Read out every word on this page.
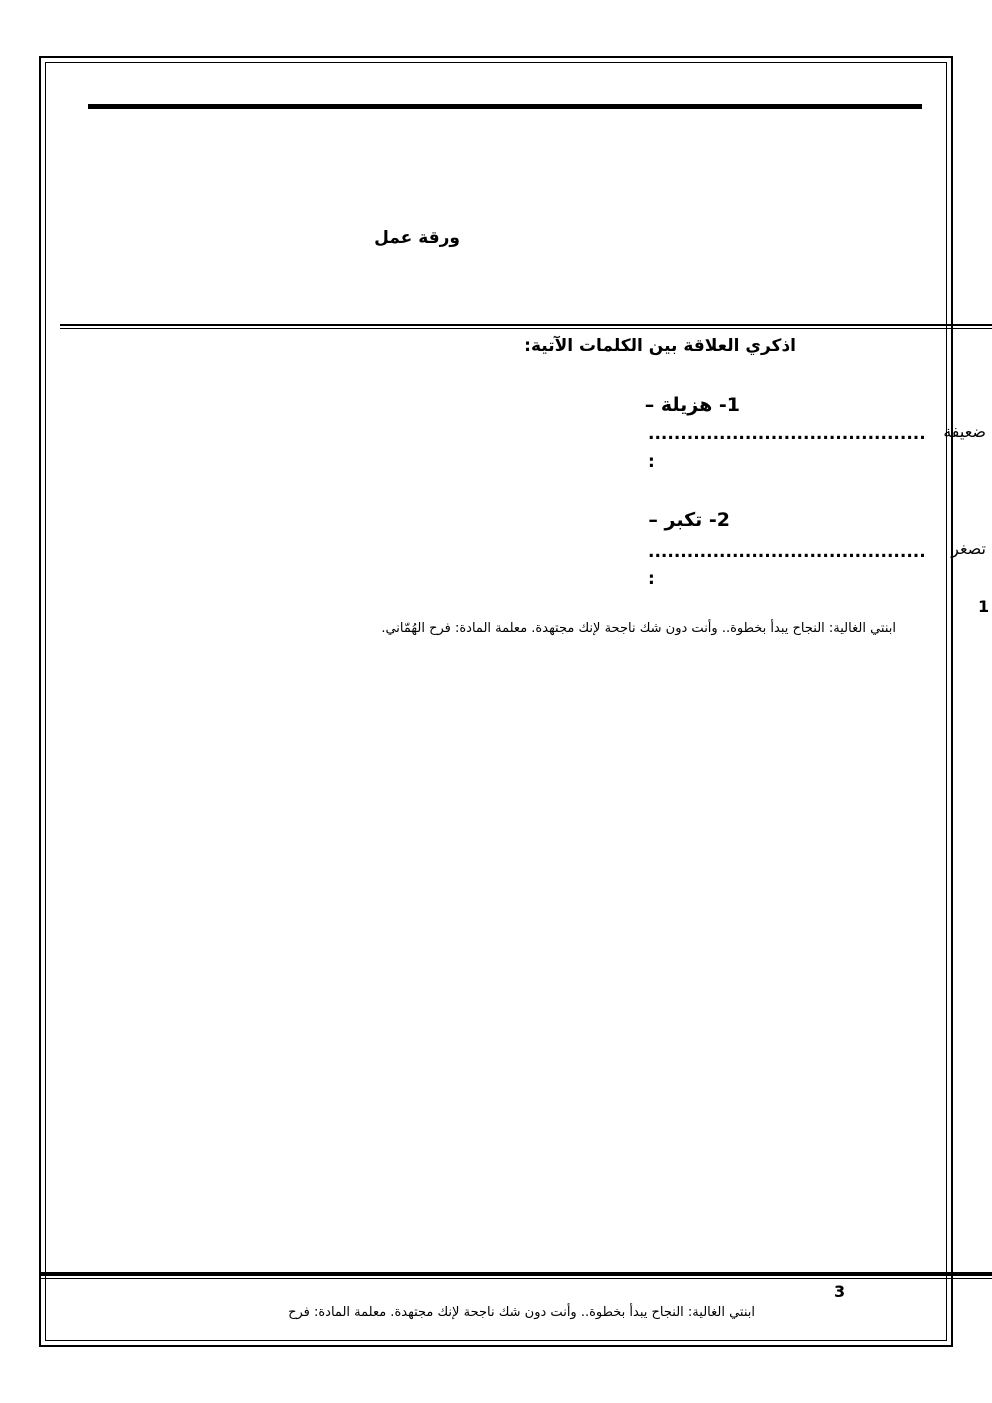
ورقة عمل
اذكري العلاقة بين الكلمات الآتية:
1- هزيلة –
...........................................	ضعيفة
:
2- تكبر –
...........................................	تصغر
:
1
ابنتي الغالية: النجاح يبدأ بخطوة.. وأنت دون شك ناجحة لإنك مجتهدة. معلمة المادة: فرح الهُمّاني.
3
ابنتي الغالية: النجاح يبدأ بخطوة.. وأنت دون شك ناجحة لإنك مجتهدة. معلمة المادة: فرح
